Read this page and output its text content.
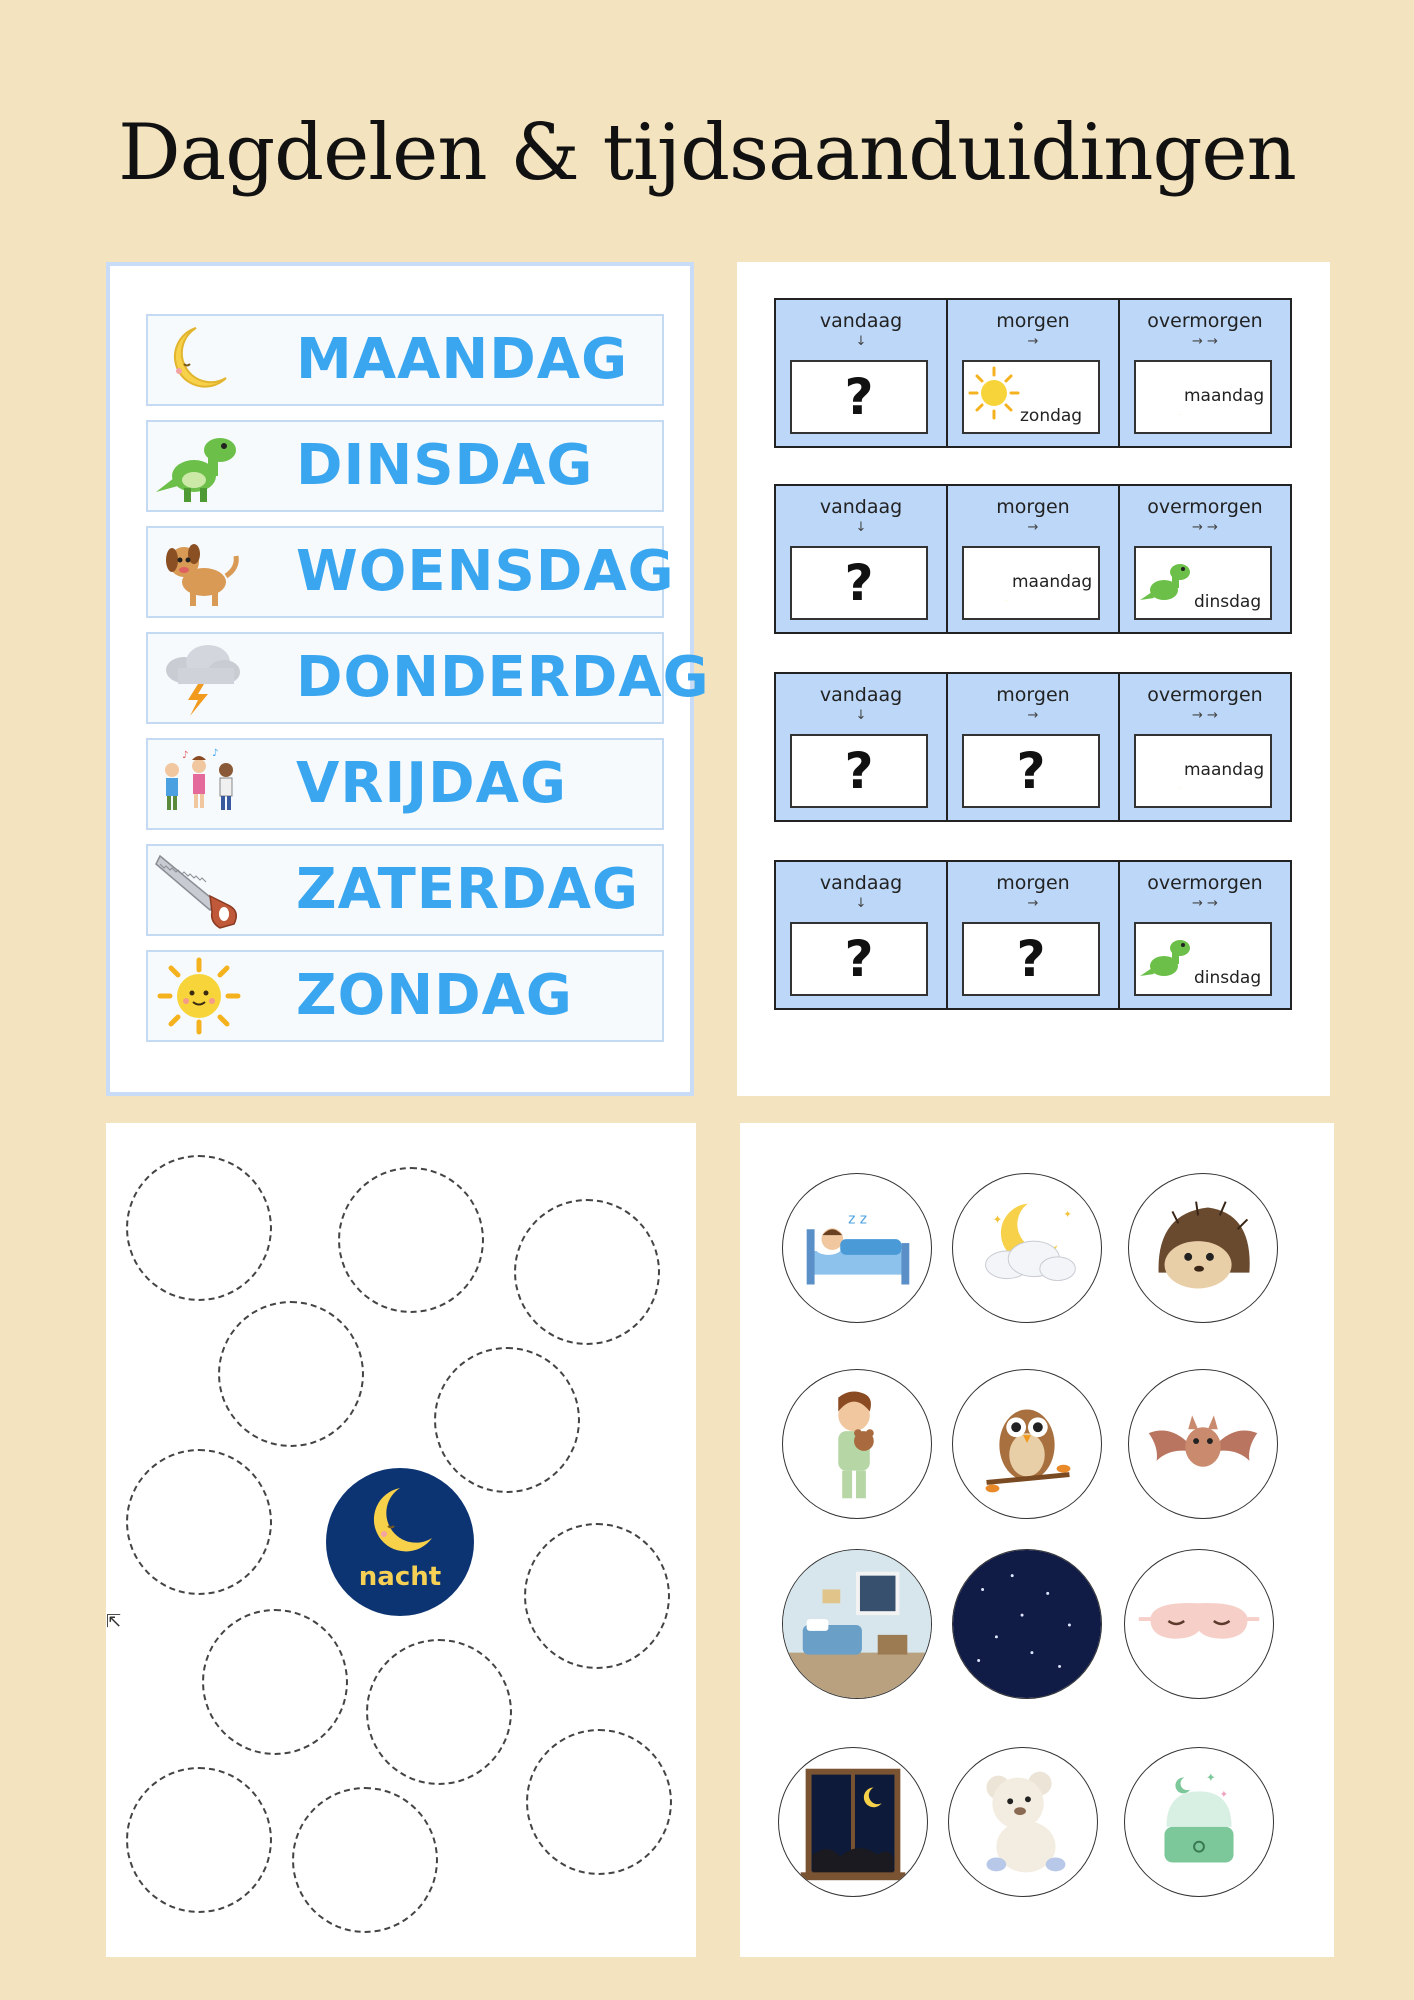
Dagdelen & tijdsaanduidingen
MAANDAG
DINSDAG
WOENSDAG
DONDERDAG
♪ ♪ VRIJDAG
ZATERDAG
ZONDAG
vandaag
↓
?
morgen
→
zondag
overmorgen
→ →
maandag
vandaag
↓
?
morgen
→
maandag
overmorgen
→ →
dinsdag
vandaag
↓
?
morgen
→
?
overmorgen
→ →
maandag
vandaag
↓
?
morgen
→
?
overmorgen
→ →
dinsdag
nacht
⇱
z z	✦	✦
✦
✦
